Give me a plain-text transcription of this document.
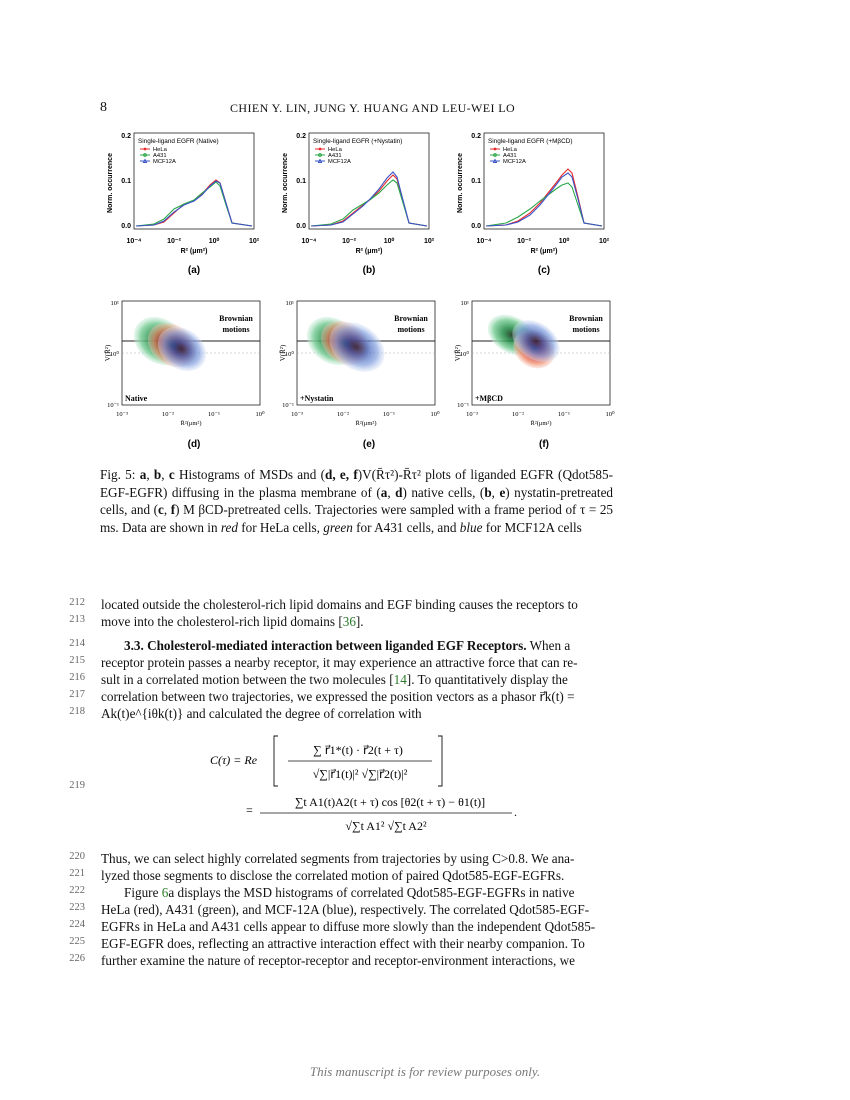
8	CHIEN Y. LIN, JUNG Y. HUANG AND LEU-WEI LO
Single-ligand EGFR (Native)
HeLa
A431
MCF12A
0.2
0.1
0.0
10⁻⁴	10⁻²	10⁰	10²
R² (μm²)
(a)
Norm. occurrence
Single-ligand EGFR (+Nystatin)
HeLa
A431
MCF12A
0.2
0.1
0.0
10⁻⁴	10⁻²	10⁰	10²
R² (μm²)
(b)
Norm. occurrence
Single-ligand EGFR (+MβCD)
HeLa
A431
MCF12A
0.2
0.1
0.0
10⁻⁴	10⁻²	10⁰	10²
R² (μm²)
(c)
Norm. occurrence
Brownian
motions
Native
10¹
10⁰
10⁻¹
10⁻³	10⁻²	10⁻¹	10⁰
R̄²(μm²)
(d)
V(R̄²)
Brownian
motions
+Nystatin
10¹
10⁰
10⁻¹
10⁻³	10⁻²	10⁻¹	10⁰
R̄²(μm²)
(e)
V(R̄²)
Brownian
motions
+MβCD
10¹
10⁰
10⁻¹
10⁻³	10⁻²	10⁻¹	10⁰
R̄²(μm²)
(f)
V(R̄²)
Fig. 5: a, b, c Histograms of MSDs and (d, e, f)V(R̄τ²)-R̄τ² plots of liganded EGFR (Qdot585-EGF-EGFR) diffusing in the plasma membrane of (a, d) native cells, (b, e) nystatin-pretreated cells, and (c, f) M βCD-pretreated cells. Trajectories were sampled with a frame period of τ = 25 ms. Data are shown in red for HeLa cells, green for A431 cells, and blue for MCF12A cells
212 located outside the cholesterol-rich lipid domains and EGF binding causes the receptors to
213 move into the cholesterol-rich lipid domains [36].
214	3.3. Cholesterol-mediated interaction between liganded EGF Receptors. When a
215 receptor protein passes a nearby receptor, it may experience an attractive force that can re-
216 sult in a correlated motion between the two molecules [14]. To quantitatively display the
217 correlation between two trajectories, we expressed the position vectors as a phasor r⃗k(t) =
218 Ak(t)e^{iθk(t)} and calculated the degree of correlation with
219
C(τ) = Re
∑ r⃗1*(t) · r⃗2(t + τ)
√∑|r⃗1(t)|² √∑|r⃗2(t)|²
=
∑t A1(t)A2(t + τ) cos [θ2(t + τ) − θ1(t)]
√∑t A1² √∑t A2²
.
220 Thus, we can select highly correlated segments from trajectories by using C>0.8. We ana-
221 lyzed those segments to disclose the correlated motion of paired Qdot585-EGF-EGFRs.
222	Figure 6a displays the MSD histograms of correlated Qdot585-EGF-EGFRs in native
223 HeLa (red), A431 (green), and MCF-12A (blue), respectively. The correlated Qdot585-EGF-
224 EGFRs in HeLa and A431 cells appear to diffuse more slowly than the independent Qdot585-
225 EGF-EGFR does, reflecting an attractive interaction effect with their nearby companion. To
226 further examine the nature of receptor-receptor and receptor-environment interactions, we
This manuscript is for review purposes only.
